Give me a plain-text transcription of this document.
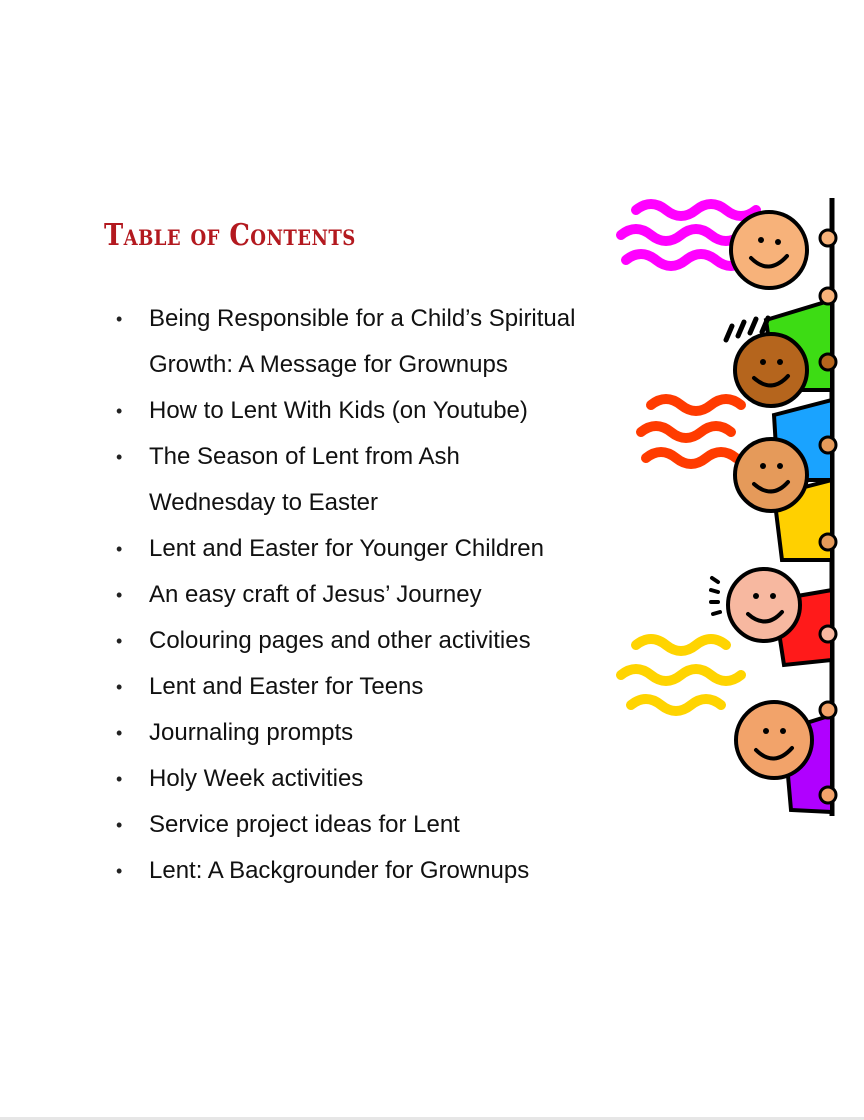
Table of Contents
• Being Responsible for a Child’s Spiritual
Growth: A Message for Grownups
• How to Lent With Kids (on Youtube)
• The Season of Lent from Ash
Wednesday to Easter
• Lent and Easter for Younger Children
• An easy craft of Jesus’ Journey
• Colouring pages and other activities
• Lent and Easter for Teens
• Journaling prompts
• Holy Week activities
• Service project ideas for Lent
• Lent: A Backgrounder for Grownups
